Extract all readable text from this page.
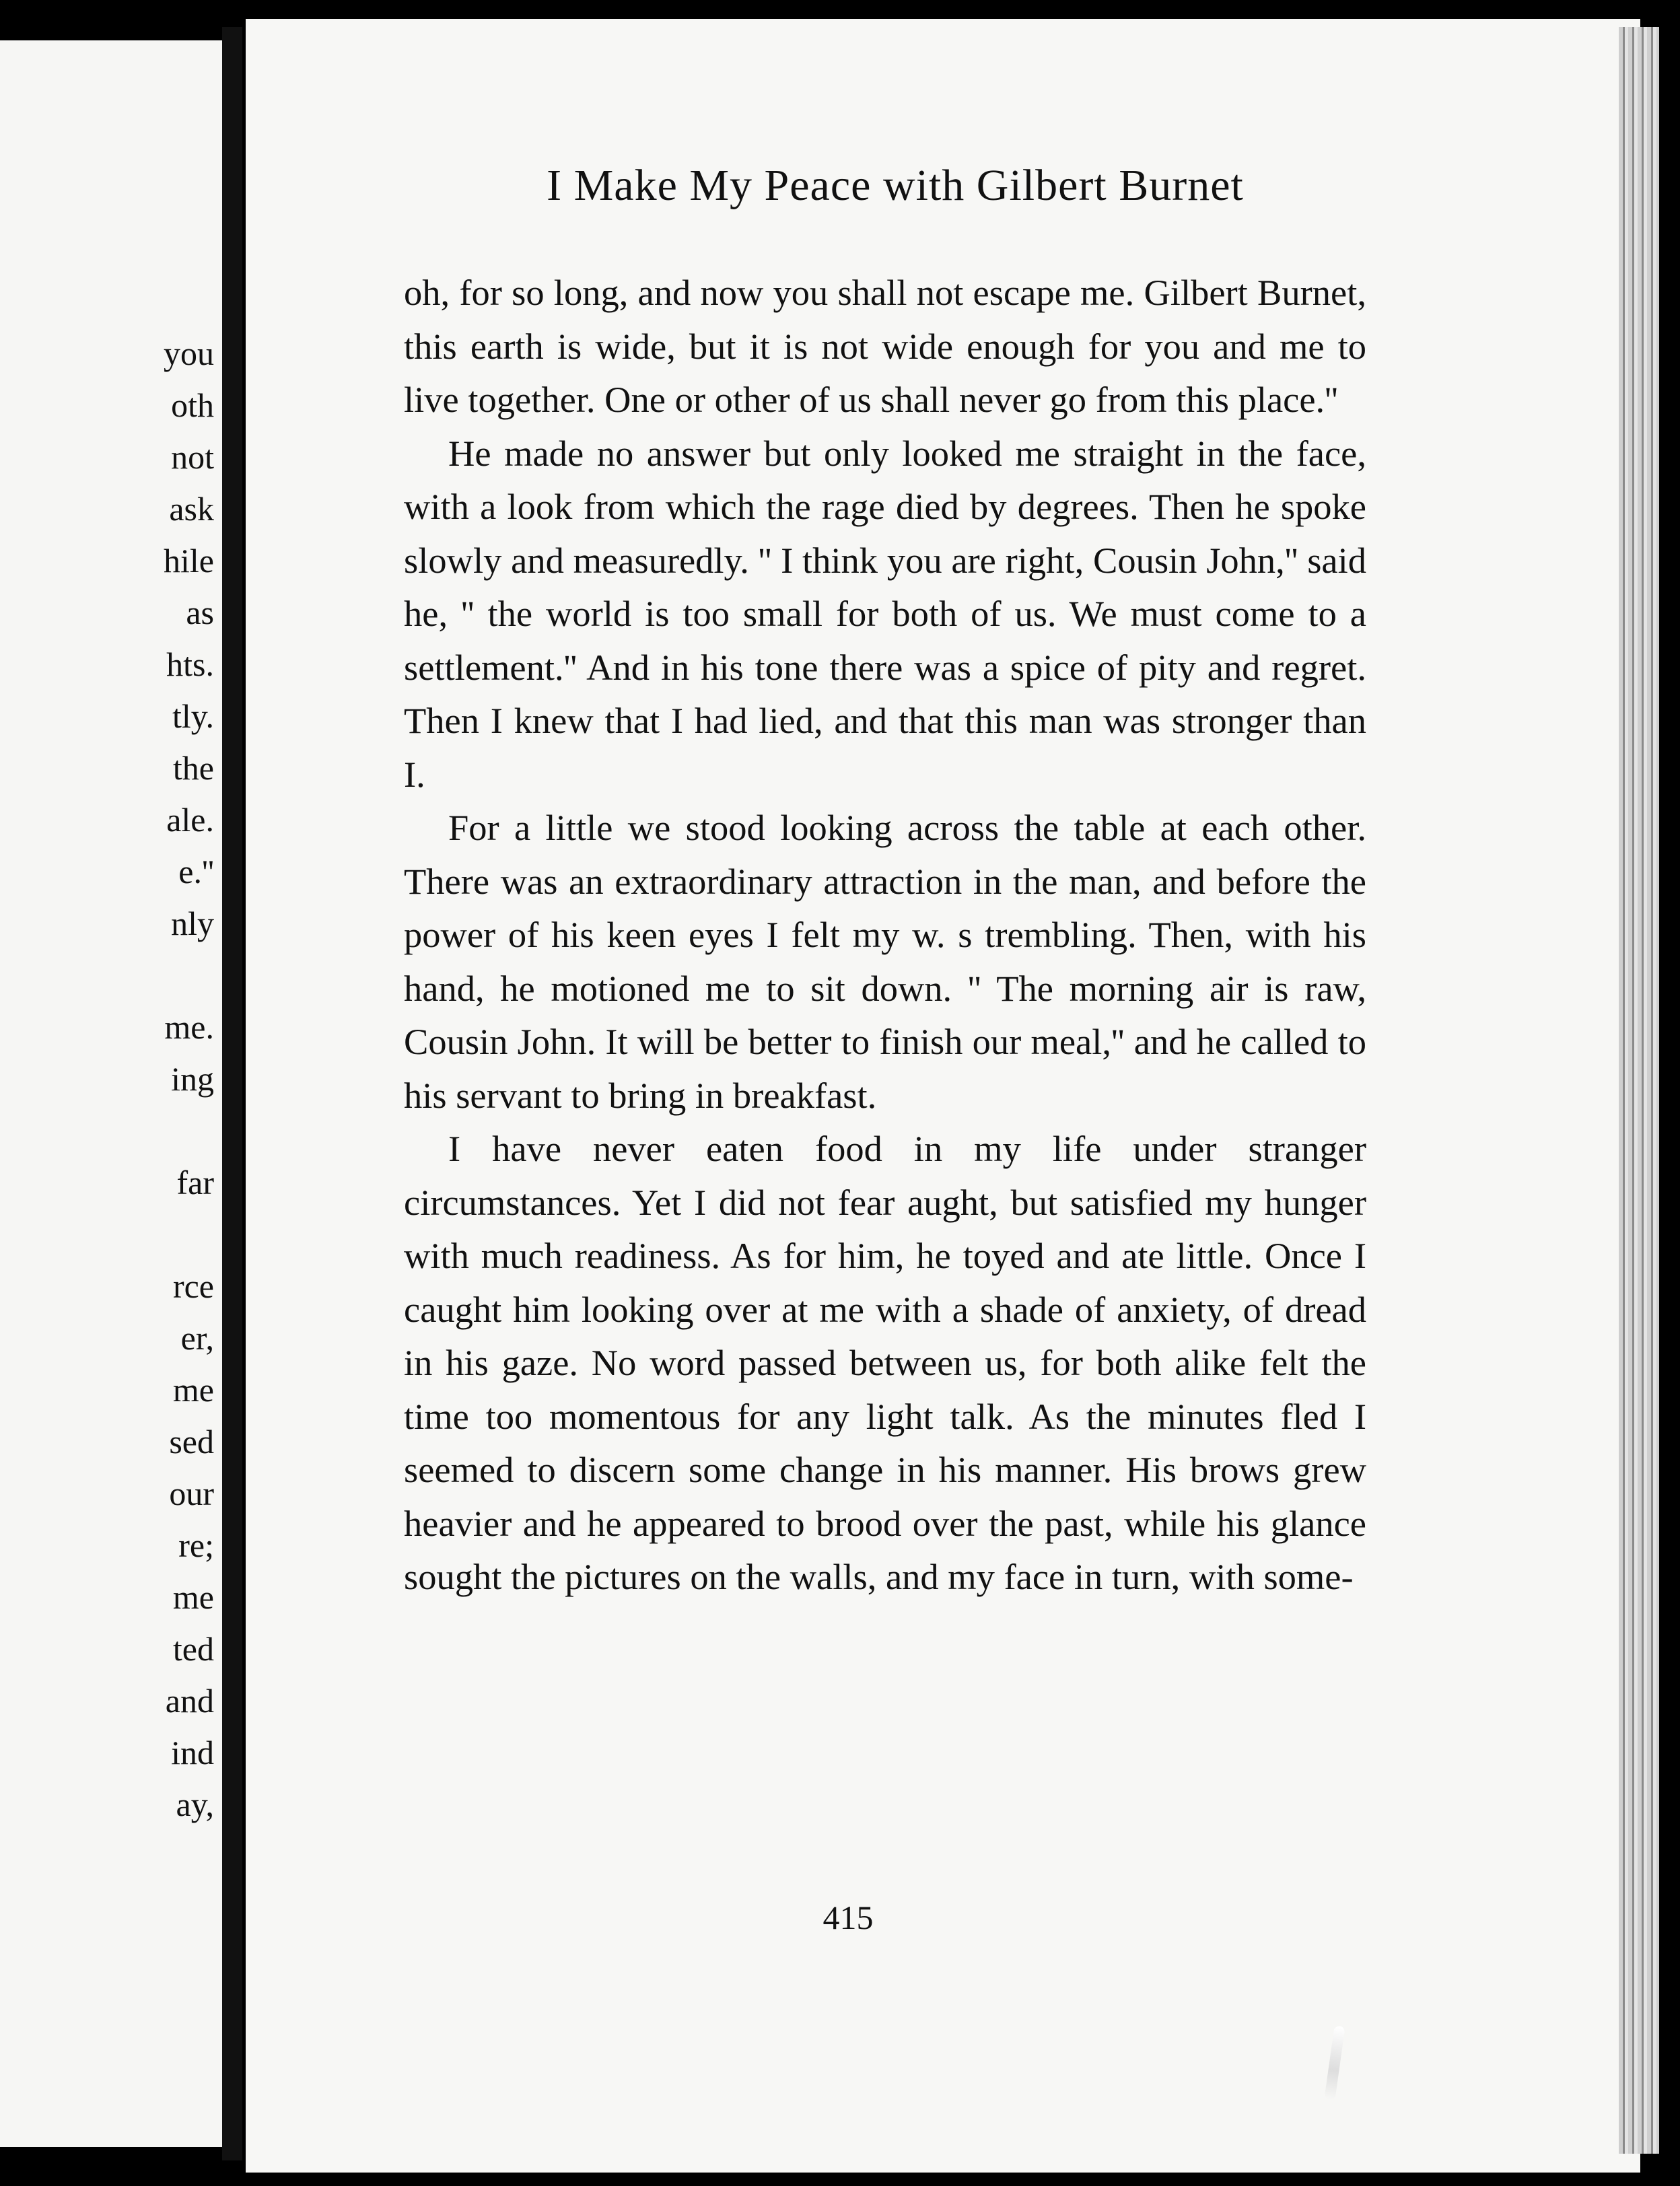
you
oth
not
ask
hile
as
hts.
tly.
the
ale.
e.''
nly
me.
ing
far
rce
er,
me
sed
our
re;
me
ted
and
ind
ay,
I Make My Peace with Gilbert Burnet

oh, for so long, and now you shall not escape me. Gilbert Burnet, this earth is wide, but it is not wide enough for you and me to live together. One or other of us shall never go from this place.''

He made no answer but only looked me straight in the face, with a look from which the rage died by degrees. Then he spoke slowly and measuredly. '' I think you are right, Cousin John,'' said he, '' the world is too small for both of us. We must come to a settlement.'' And in his tone there was a spice of pity and regret. Then I knew that I had lied, and that this man was stronger than I.

For a little we stood looking across the table at each other. There was an extraordinary attraction in the man, and before the power of his keen eyes I felt my w. s trembling. Then, with his hand, he motioned me to sit down. '' The morning air is raw, Cousin John. It will be better to finish our meal,'' and he called to his servant to bring in breakfast.

I have never eaten food in my life under stranger circumstances. Yet I did not fear aught, but satisfied my hunger with much readiness. As for him, he toyed and ate little. Once I caught him looking over at me with a shade of anxiety, of dread in his gaze. No word passed between us, for both alike felt the time too momentous for any light talk. As the minutes fled I seemed to discern some change in his manner. His brows grew heavier and he appeared to brood over the past, while his glance sought the pictures on the walls, and my face in turn, with some-

415
